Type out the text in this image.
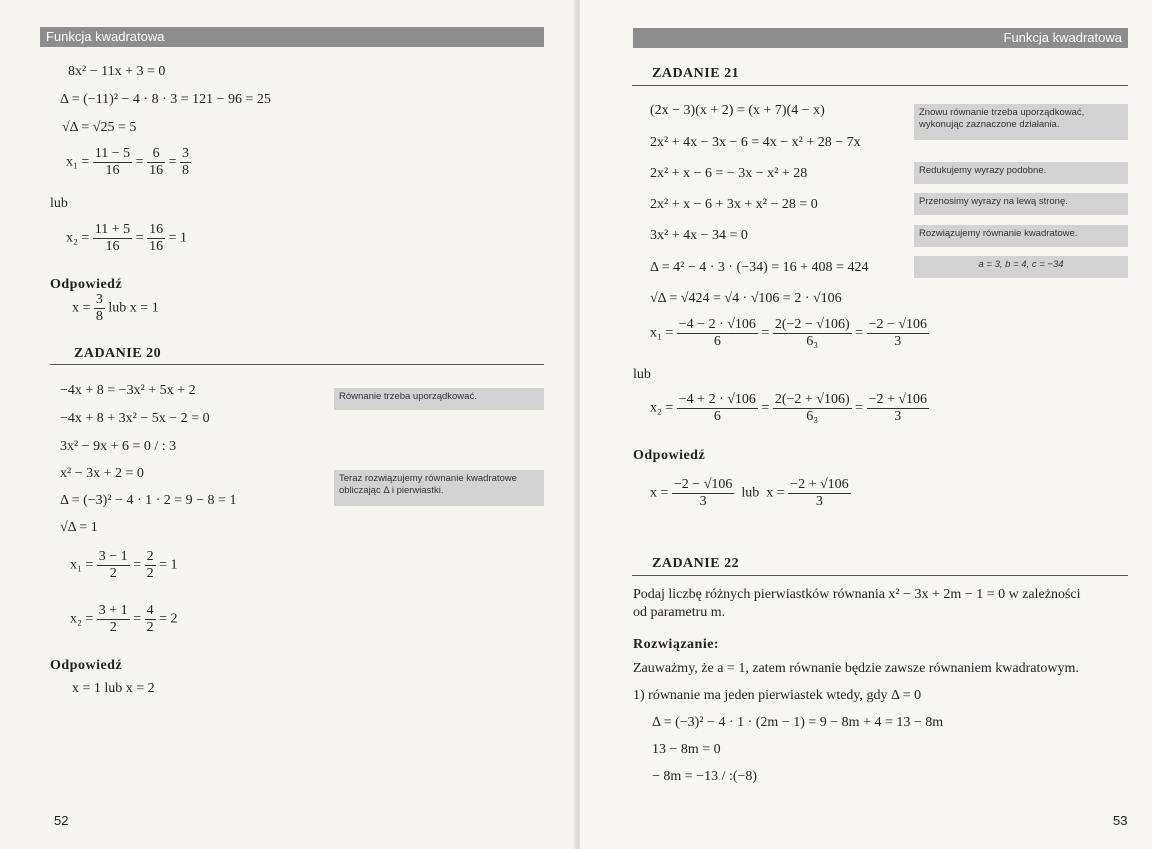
Funkcja kwadratowa
8x² − 11x + 3 = 0
Δ = (−11)² − 4 · 8 · 3 = 121 − 96 = 25
√Δ = √25 = 5
$x_1 = \frac{11 - 5}{16} = \frac{6}{16} = \frac{3}{8}$
lub
$x_2 = \frac{11 + 5}{16} = \frac{16}{16} = 1$
Odpowiedź
$x = \frac{3}{8}$ lub x = 1
ZADANIE 20
−4x + 8 = −3x² + 5x + 2
−4x + 8 + 3x² − 5x − 2 = 0
3x² − 9x + 6 = 0 / : 3
x² − 3x + 2 = 0
Δ = (−3)² − 4 · 1 · 2 = 9 − 8 = 1
√Δ = 1
Równanie trzeba uporządkować.
Teraz rozwiązujemy równanie kwadratowe obliczając Δ i pierwiastki.
$x_1 = \frac{3 - 1}{2} = \frac{2}{2} = 1$
$x_2 = \frac{3 + 1}{2} = \frac{4}{2} = 2$
Odpowiedź
x = 1 lub x = 2
52
Funkcja kwadratowa
ZADANIE 21
(2x − 3)(x + 2) = (x + 7)(4 − x)
2x² + 4x − 3x − 6 = 4x − x² + 28 − 7x
2x² + x − 6 = − 3x − x² + 28
2x² + x − 6 + 3x + x² − 28 = 0
3x² + 4x − 34 = 0
Δ = 4² − 4 · 3 · (−34) = 16 + 408 = 424
√Δ = √424 = √4 · √106 = 2 · √106
Znowu równanie trzeba uporządkować, wykonując zaznaczone działania.
Redukujemy wyrazy podobne.
Przenosimy wyrazy na lewą stronę.
Rozwiązujemy równanie kwadratowe.
a = 3, b = 4, c = −34
$x_1 = \frac{-4 - 2 \cdot √106}{6} = \frac{2(-2 - √106)}{\text{6₃}} = \frac{-2 - √106}{3}$
lub
$x_2 = \frac{-4 + 2 \cdot √106}{6} = \frac{2(-2 + √106)}{\text{6₃}} = \frac{-2 + √106}{3}$
Odpowiedź
$x = \frac{-2 - √106}{3}$ lub $x = \frac{-2 + √106}{3}$
ZADANIE 22
Podaj liczbę różnych pierwiastków równania x² − 3x + 2m − 1 = 0 w zależności
od parametru m.
Rozwiązanie:
Zauważmy, że a = 1, zatem równanie będzie zawsze równaniem kwadratowym.
1) równanie ma jeden pierwiastek wtedy, gdy Δ = 0
Δ = (−3)² − 4 · 1 · (2m − 1) = 9 − 8m + 4 = 13 − 8m
13 − 8m = 0
− 8m = −13 / :(−8)
53
